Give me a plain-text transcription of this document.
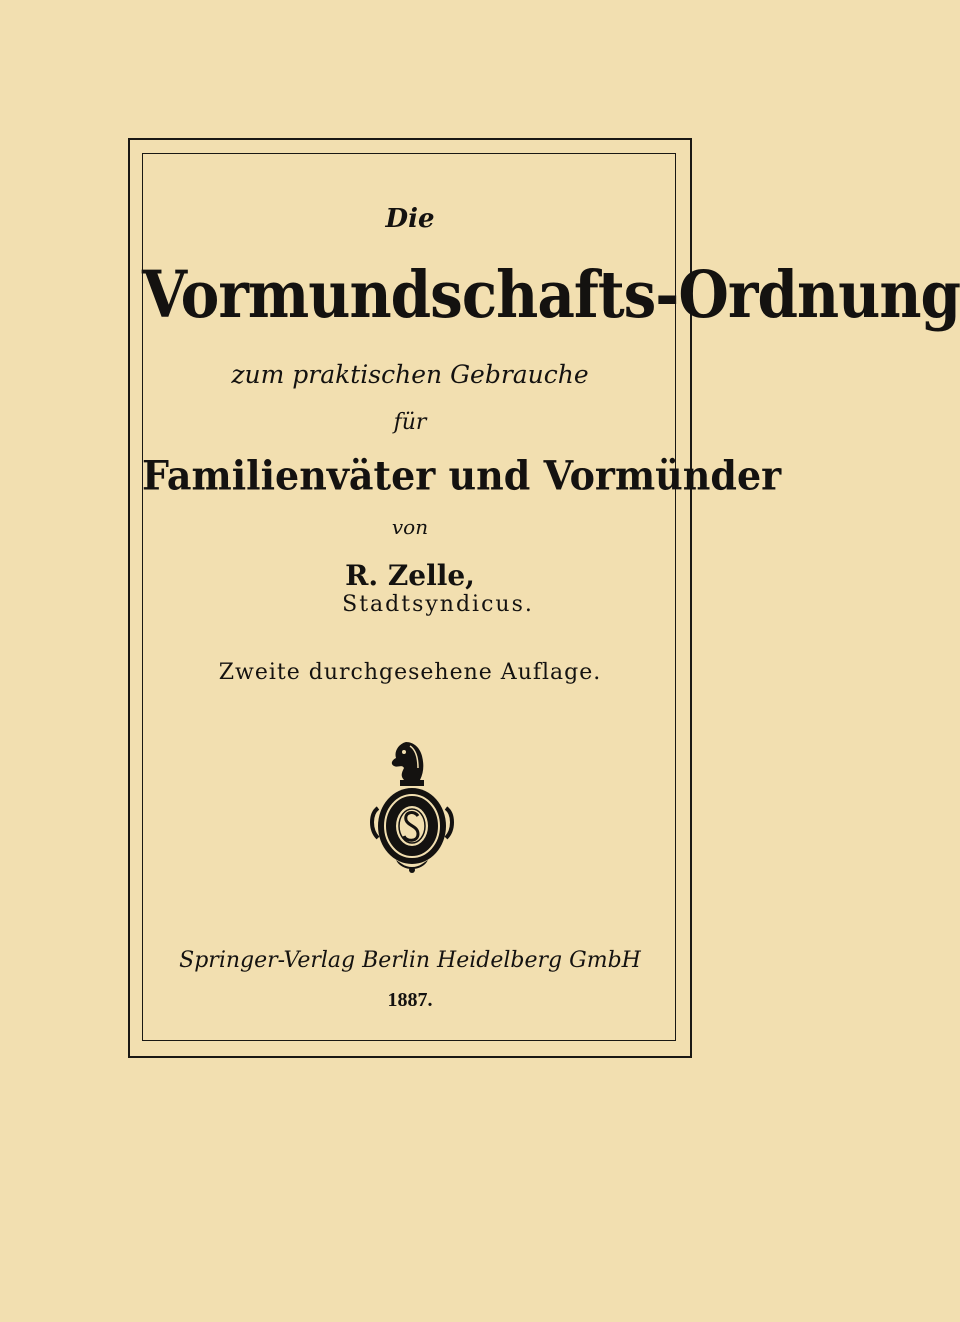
Die
Vormundschafts-Ordnung
zum praktischen Gebrauche
für
Familienväter und Vormünder
von
R. Zelle,
Stadtsyndicus.
Zweite durchgesehene Auflage.
Springer-Verlag Berlin Heidelberg GmbH
1887.
